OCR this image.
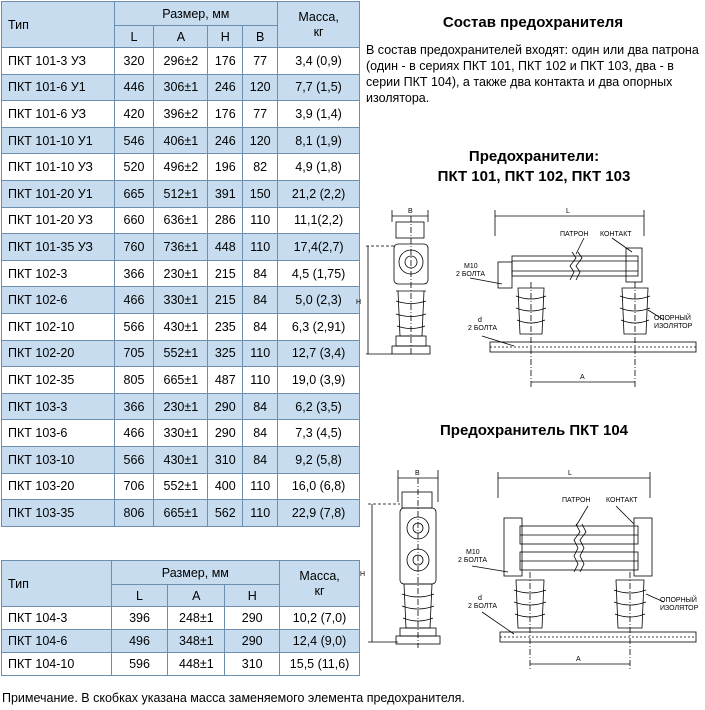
Тип	Размер, мм				Масса, кг
	L	A	H	B	
ПКТ 101-3 УЗ	320	296±2	176	77	3,4 (0,9)
ПКТ 101-6 У1	446	306±1	246	120	7,7 (1,5)
ПКТ 101-6 УЗ	420	396±2	176	77	3,9 (1,4)
ПКТ 101-10 У1	546	406±1	246	120	8,1 (1,9)
ПКТ 101-10 УЗ	520	496±2	196	82	4,9 (1,8)
ПКТ 101-20 У1	665	512±1	391	150	21,2 (2,2)
ПКТ 101-20 УЗ	660	636±1	286	110	11,1(2,2)
ПКТ 101-35 УЗ	760	736±1	448	110	17,4(2,7)
ПКТ 102-3	366	230±1	215	84	4,5 (1,75)
ПКТ 102-6	466	330±1	215	84	5,0 (2,3)
ПКТ 102-10	566	430±1	235	84	6,3 (2,91)
ПКТ 102-20	705	552±1	325	110	12,7 (3,4)
ПКТ 102-35	805	665±1	487	110	19,0 (3,9)
ПКТ 103-3	366	230±1	290	84	6,2 (3,5)
ПКТ 103-6	466	330±1	290	84	7,3 (4,5)
ПКТ 103-10	566	430±1	310	84	9,2 (5,8)
ПКТ 103-20	706	552±1	400	110	16,0 (6,8)
ПКТ 103-35	806	665±1	562	110	22,9 (7,8)
Состав предохранителя
В состав предохранителей входят: один или два патрона (один - в сериях ПКТ 101, ПКТ 102 и ПКТ 103, два - в серии ПКТ 104), а также два контакта и два опорных изолятора.
Предохранители:
ПКТ 101, ПКТ 102, ПКТ 103
B
H
L
ПАТРОН КОНТАКТ
M10
2 БОЛТА
d
2 БОЛТА
ОПОРНЫЙ
ИЗОЛЯТОР
A
Предохранитель ПКТ 104
B
H
L
ПАТРОН КОНТАКТ
M10
2 БОЛТА
d
2 БОЛТА
ОПОРНЫЙ
ИЗОЛЯТОР
A
Тип	Размер, мм			Масса, кг
	L	A	H	
ПКТ 104-3	396	248±1	290	10,2 (7,0)
ПКТ 104-6	496	348±1	290	12,4 (9,0)
ПКТ 104-10	596	448±1	310	15,5 (11,6)
Примечание. В скобках указана масса заменяемого элемента предохранителя.
